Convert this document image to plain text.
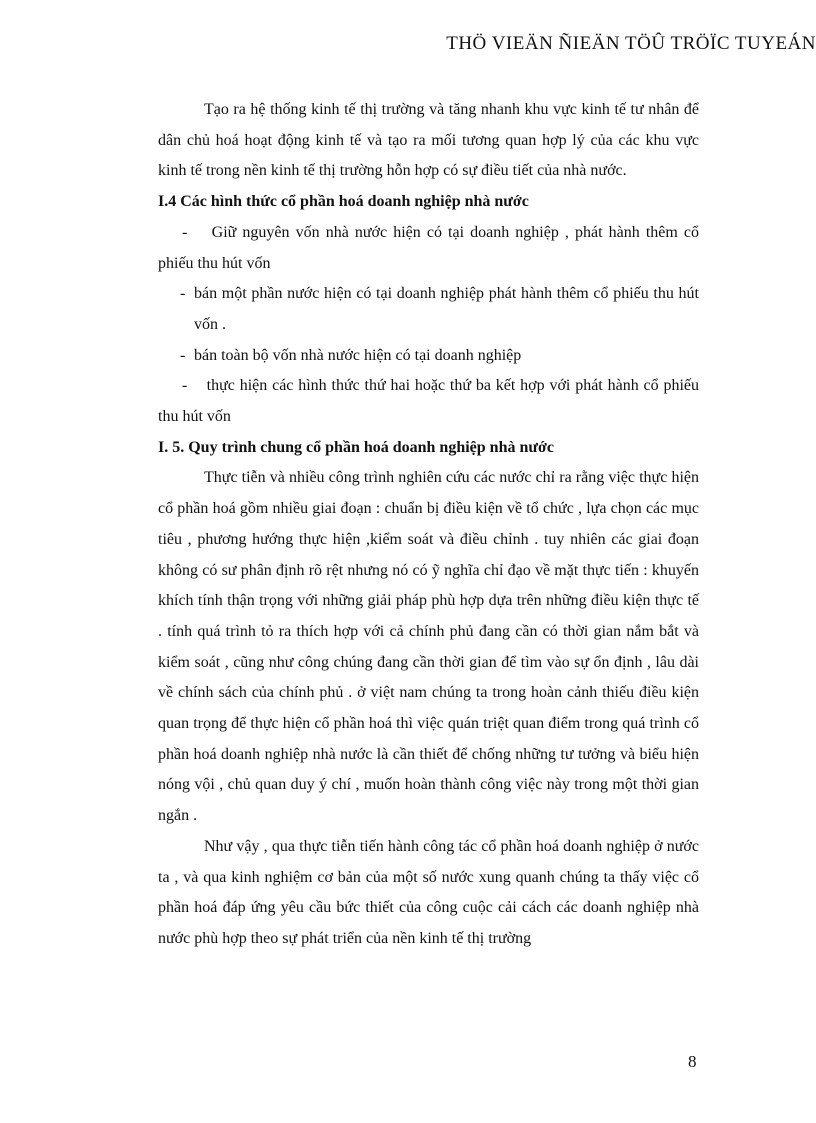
THÖ VIEÄN ÑIEÄN TÖÛ TRÖÏC TUYEÁN

Tạo ra hệ thống kinh tế thị trường và tăng nhanh khu vực kinh tế tư nhân để dân chủ hoá hoạt động kinh tế và tạo ra mối tương quan hợp lý của các khu vực kinh tế trong nền kinh tế thị trường hỗn hợp có sự điều tiết của nhà nước.

I.4 Các hình thức cổ phần hoá doanh nghiệp nhà nước

- Giữ nguyên vốn nhà nước hiện có tại doanh nghiệp , phát hành thêm cổ phiếu thu hút vốn

- bán một phần nước hiện có tại doanh nghiệp phát hành thêm cổ phiếu thu hút vốn .

- bán toàn bộ vốn nhà nước hiện có tại doanh nghiệp

- thực hiện các hình thức thứ hai hoặc thứ ba kết hợp với phát hành cổ phiếu thu hút vốn

I. 5. Quy trình chung cổ phần hoá doanh nghiệp nhà nước

Thực tiễn và nhiều công trình nghiên cứu các nước chỉ ra rằng việc thực hiện cổ phần hoá gồm nhiều giai đoạn : chuẩn bị điều kiện về tổ chức , lựa chọn các mục tiêu , phương hướng thực hiện ,kiểm soát và điều chỉnh . tuy nhiên các giai đoạn không có sư phân định rõ rệt nhưng nó có ỹ nghĩa chỉ đạo về mặt thực tiến : khuyến khích tính thận trọng với những giải pháp phù hợp dựa trên những điều kiện thực tế . tính quá trình tỏ ra thích hợp với cả chính phủ đang cần có thời gian nắm bắt và kiểm soát , cũng như công chúng đang cần thời gian để tìm vào sự ổn định , lâu dài về chính sách của chính phủ . ở việt nam chúng ta trong hoàn cảnh thiếu điều kiện quan trọng để thực hiện cổ phần hoá thì việc quán triệt quan điểm trong quá trình cổ phần hoá doanh nghiệp nhà nước là cần thiết để chống những tư tưởng và biểu hiện nóng vội , chủ quan duy ý chí , muốn hoàn thành công việc này trong một thời gian ngắn .

Như vậy , qua thực tiễn tiến hành công tác cổ phần hoá doanh nghiệp ở nước ta , và qua kinh nghiệm cơ bản của một số nước xung quanh chúng ta thấy việc cổ phần hoá đáp ứng yêu cầu bức thiết của công cuộc cải cách các doanh nghiệp nhà nước phù hợp theo sự phát triển của nền kinh tế thị trường

8
